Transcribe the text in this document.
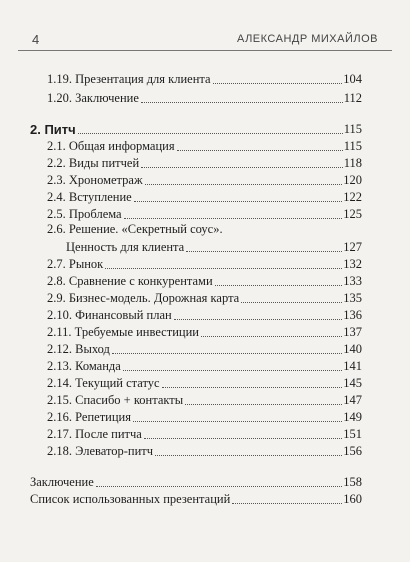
4	АЛЕКСАНДР МИХАЙЛОВ
1.19. Презентация для клиента	104
1.20. Заключение	112
2. Питч	115
2.1. Общая информация	115
2.2. Виды питчей	118
2.3. Хронометраж	120
2.4. Вступление	122
2.5. Проблема	125
2.6. Решение. «Секретный соус».
Ценность для клиента	127
2.7. Рынок	132
2.8. Сравнение с конкурентами	133
2.9. Бизнес-модель. Дорожная карта	135
2.10. Финансовый план	136
2.11. Требуемые инвестиции	137
2.12. Выход	140
2.13. Команда	141
2.14. Текущий статус	145
2.15. Спасибо + контакты	147
2.16. Репетиция	149
2.17. После питча	151
2.18. Элеватор-питч	156
Заключение	158
Список использованных презентаций	160
